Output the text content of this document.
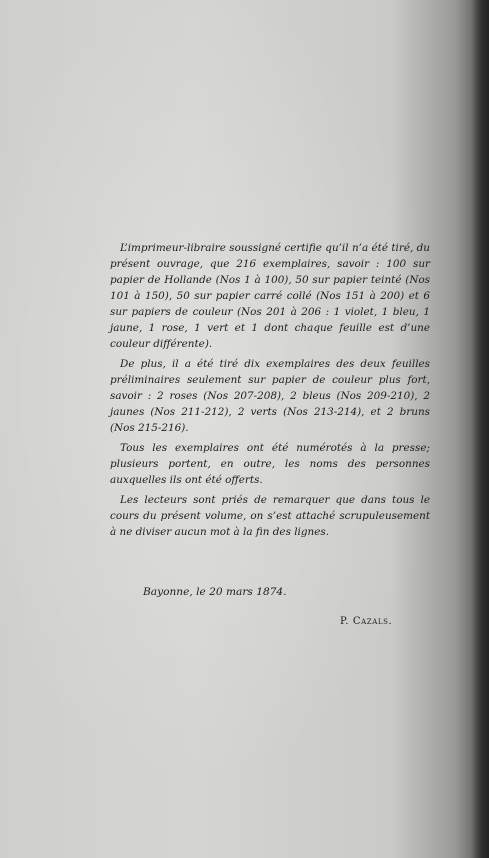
L’imprimeur-libraire soussigné certifie qu’il n’a été tiré, du présent ouvrage, que 216 exemplaires, savoir : 100 sur papier de Hollande (Nos 1 à 100), 50 sur papier teinté (Nos 101 à 150), 50 sur papier carré collé (Nos 151 à 200) et 6 sur papiers de couleur (Nos 201 à 206 : 1 violet, 1 bleu, 1 jaune, 1 rose, 1 vert et 1 dont chaque feuille est d’une couleur différente).

De plus, il a été tiré dix exemplaires des deux feuilles préliminaires seulement sur papier de couleur plus fort, savoir : 2 roses (Nos 207-208), 2 bleus (Nos 209-210), 2 jaunes (Nos 211-212), 2 verts (Nos 213-214), et 2 bruns (Nos 215-216).

Tous les exemplaires ont été numérotés à la presse; plusieurs portent, en outre, les noms des personnes auxquelles ils ont été offerts.

Les lecteurs sont priés de remarquer que dans tous le cours du présent volume, on s’est attaché scrupuleusement à ne diviser aucun mot à la fin des lignes.

Bayonne, le 20 mars 1874.
P. Cazals.
